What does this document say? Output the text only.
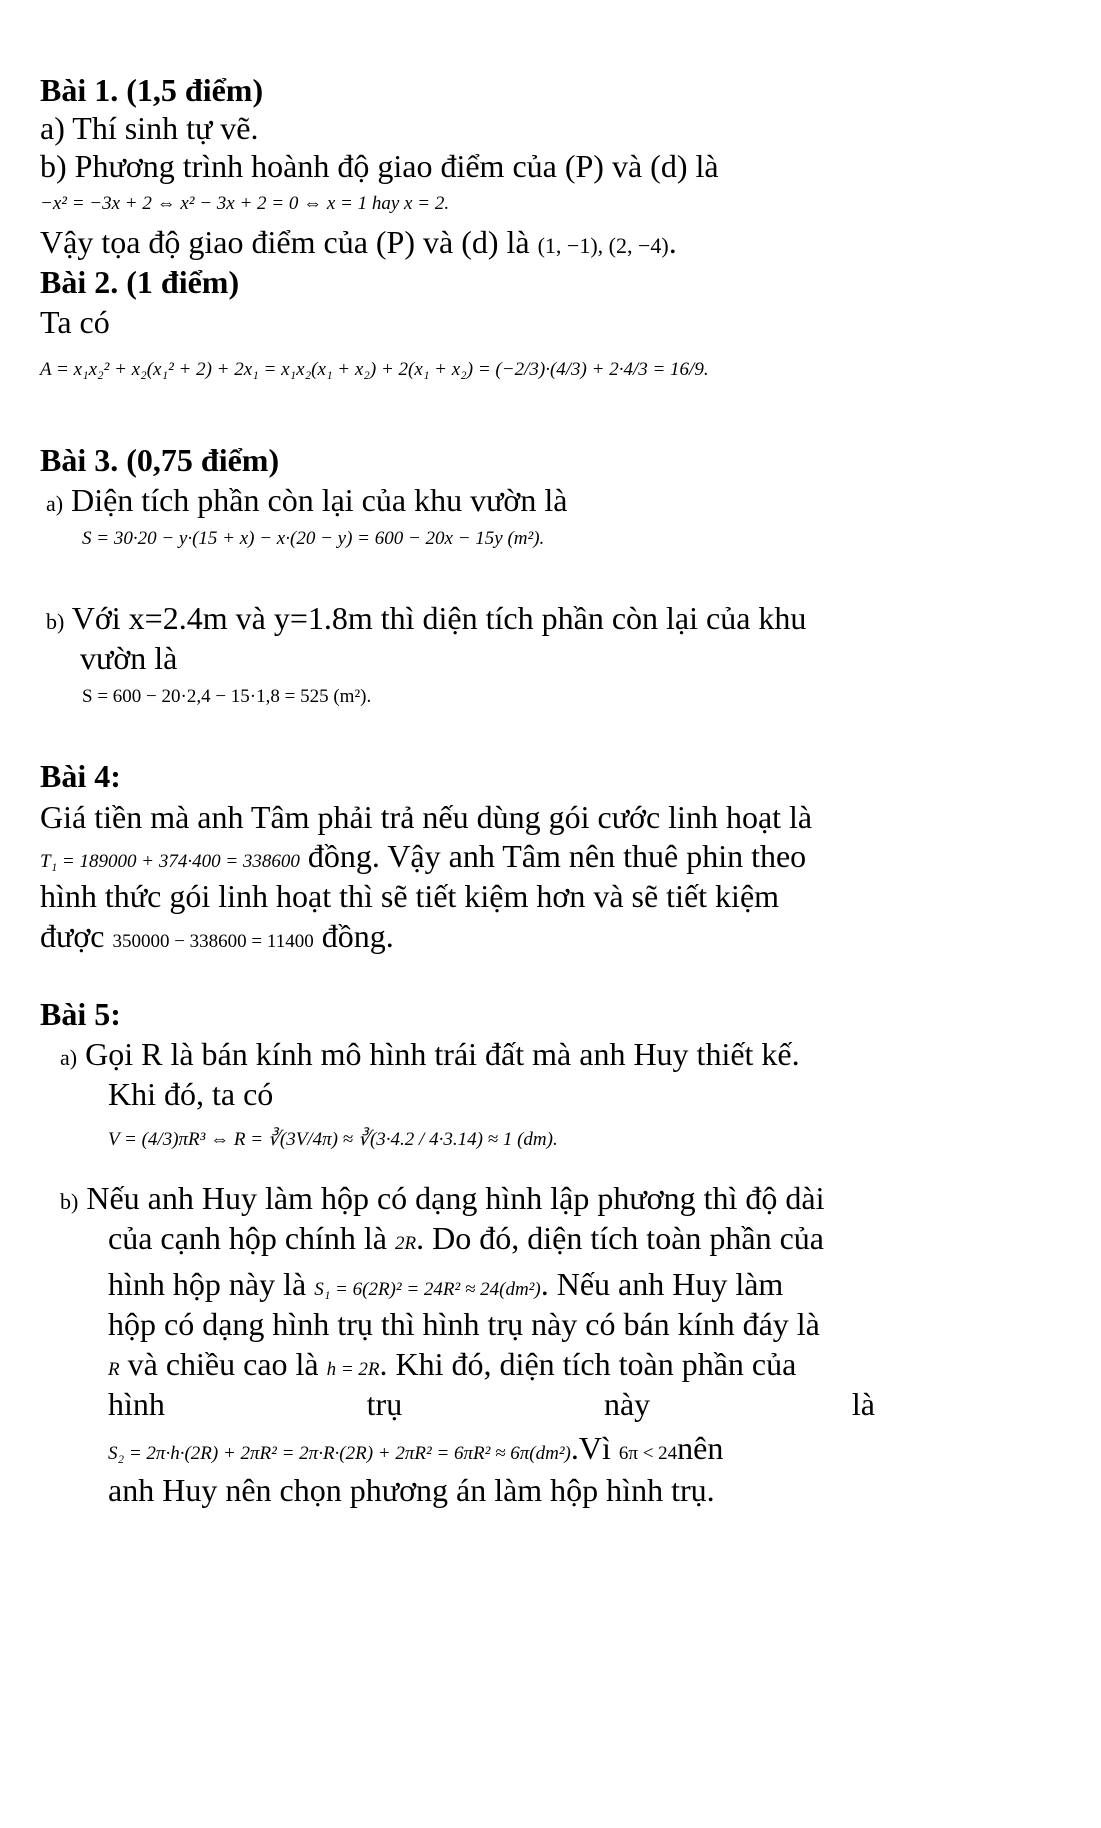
Bài 1. (1,5 điểm)
a) Thí sinh tự vẽ.
b) Phương trình hoành độ giao điểm của (P) và (d) là
−x² = −3x + 2 ⇔ x² − 3x + 2 = 0 ⇔ x = 1 hay x = 2.
Vậy tọa độ giao điểm của (P) và (d) là (1, −1), (2, −4).
Bài 2. (1 điểm)
Ta có
A = x₁x₂² + x₂(x₁² + 2) + 2x₁ = x₁x₂(x₁ + x₂) + 2(x₁ + x₂) = (−2/3)·(4/3) + 2·4/3 = 16/9.
Bài 3. (0,75 điểm)
a) Diện tích phần còn lại của khu vườn là
S = 30·20 − y·(15 + x) − x·(20 − y) = 600 − 20x − 15y (m²).
b) Với x=2.4m và y=1.8m thì diện tích phần còn lại của khu
vườn là
S = 600 − 20·2,4 − 15·1,8 = 525 (m²).
Bài 4:
Giá tiền mà anh Tâm phải trả nếu dùng gói cước linh hoạt là
T₁ = 189000 + 374·400 = 338600 đồng. Vậy anh Tâm nên thuê phin theo
hình thức gói linh hoạt thì sẽ tiết kiệm hơn và sẽ tiết kiệm
được 350000 − 338600 = 11400 đồng.
Bài 5:
a) Gọi R là bán kính mô hình trái đất mà anh Huy thiết kế.
Khi đó, ta có
V = (4/3)πR³ ⇔ R = ∛(3V/4π) ≈ ∛(3·4.2 / 4·3.14) ≈ 1 (dm).
b) Nếu anh Huy làm hộp có dạng hình lập phương thì độ dài
của cạnh hộp chính là 2R. Do đó, diện tích toàn phần của
hình hộp này là S₁ = 6(2R)² = 24R² ≈ 24(dm²). Nếu anh Huy làm
hộp có dạng hình trụ thì hình trụ này có bán kính đáy là
R và chiều cao là h = 2R. Khi đó, diện tích toàn phần của
hình	trụ	này	là
S₂ = 2π·h·(2R) + 2πR² = 2π·R·(2R) + 2πR² = 6πR² ≈ 6π(dm²).Vì 6π < 24nên
anh Huy nên chọn phương án làm hộp hình trụ.
